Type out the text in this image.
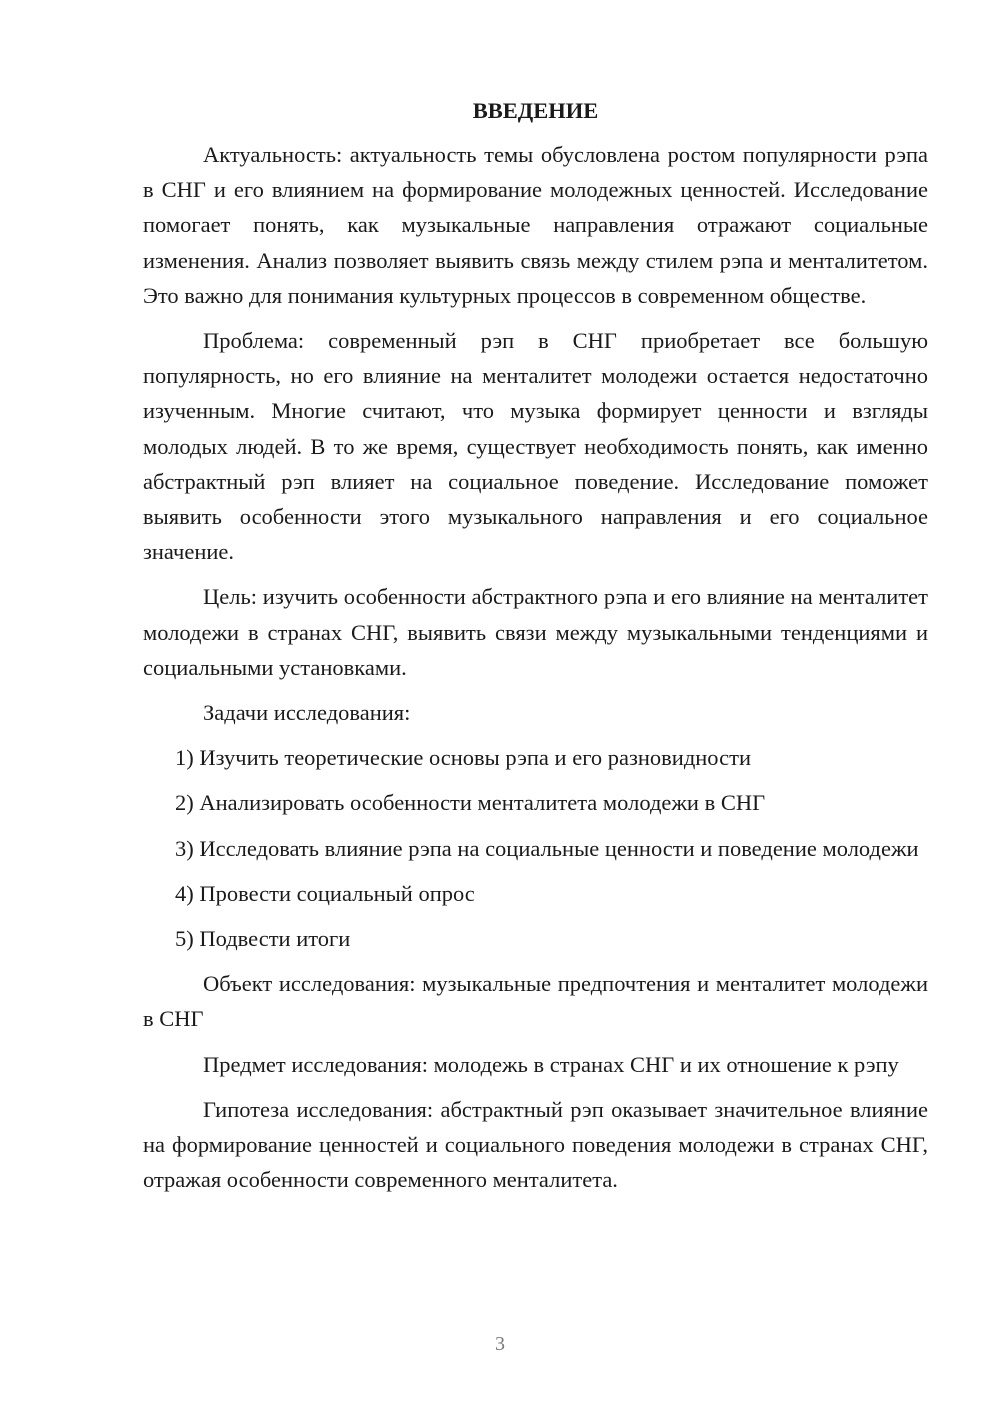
ВВЕДЕНИЕ

Актуальность: актуальность темы обусловлена ростом популярности рэпа в СНГ и его влиянием на формирование молодежных ценностей. Исследование помогает понять, как музыкальные направления отражают социальные изменения. Анализ позволяет выявить связь между стилем рэпа и менталитетом. Это важно для понимания культурных процессов в современном обществе.

Проблема: современный рэп в СНГ приобретает все большую популярность, но его влияние на менталитет молодежи остается недостаточно изученным. Многие считают, что музыка формирует ценности и взгляды молодых людей. В то же время, существует необходимость понять, как именно абстрактный рэп влияет на социальное поведение. Исследование поможет выявить особенности этого музыкального направления и его социальное значение.

Цель: изучить особенности абстрактного рэпа и его влияние на менталитет молодежи в странах СНГ, выявить связи между музыкальными тенденциями и социальными установками.

Задачи исследования:

1) Изучить теоретические основы рэпа и его разновидности

2) Анализировать особенности менталитета молодежи в СНГ

3) Исследовать влияние рэпа на социальные ценности и поведение молодежи

4) Провести социальный опрос

5) Подвести итоги

Объект исследования: музыкальные предпочтения и менталитет молодежи в СНГ

Предмет исследования: молодежь в странах СНГ и их отношение к рэпу

Гипотеза исследования: абстрактный рэп оказывает значительное влияние на формирование ценностей и социального поведения молодежи в странах СНГ, отражая особенности современного менталитета.

3
